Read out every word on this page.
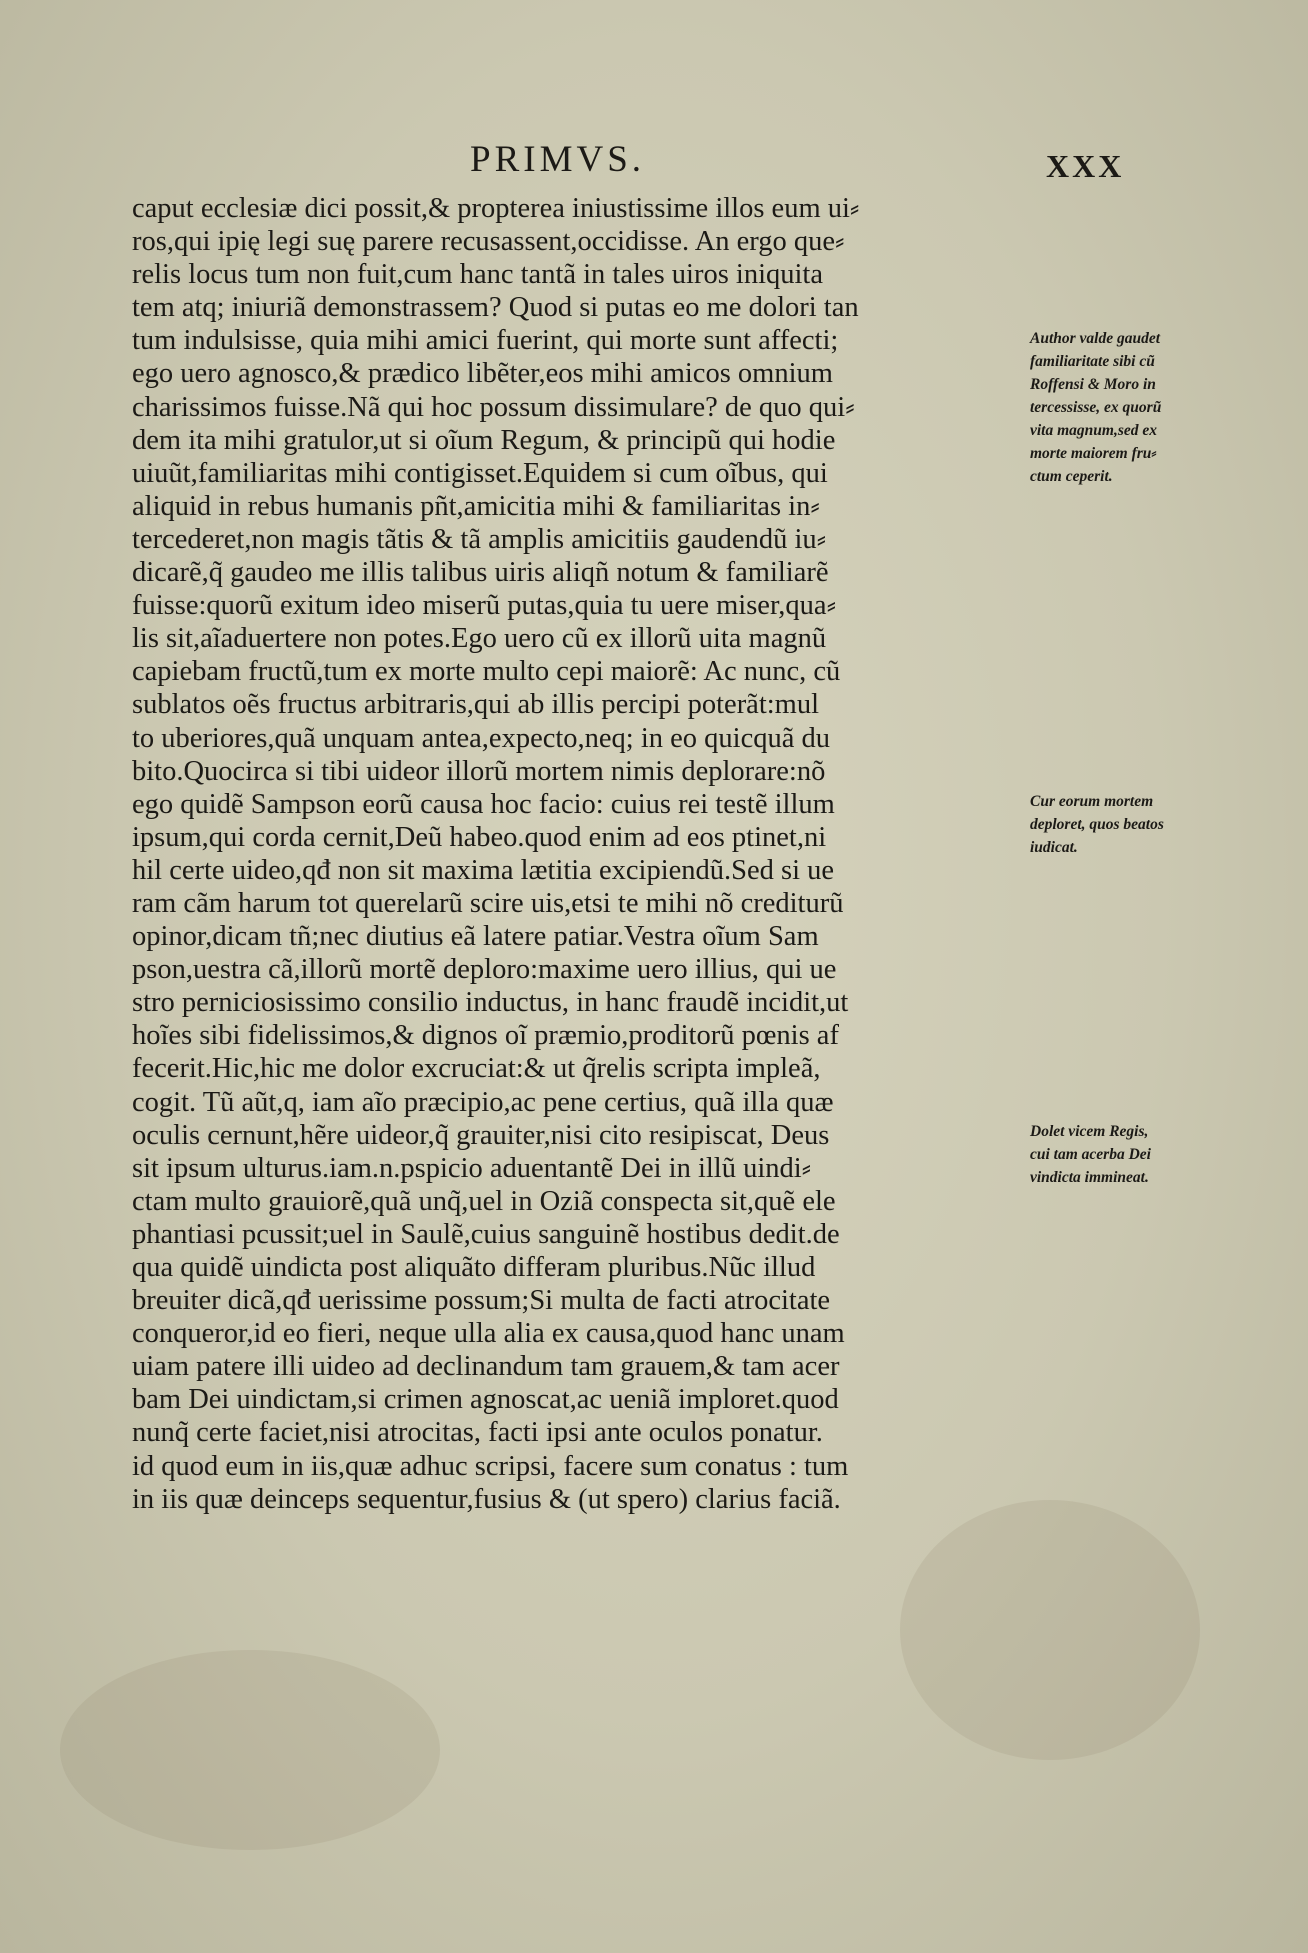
PRIMVS.	XXX
caput ecclesiæ dici possit,& propterea iniustissime illos eum ui⸗
ros,qui ipię legi suę parere recusassent,occidisse. An ergo que⸗
relis locus tum non fuit,cum hanc tantã in tales uiros iniquita
tem atq; iniuriã demonstrassem? Quod si putas eo me dolori tan
tum indulsisse, quia mihi amici fuerint, qui morte sunt affecti;
ego uero agnosco,& prædico libẽter,eos mihi amicos omnium
charissimos fuisse.Nã qui hoc possum dissimulare? de quo qui⸗
dem ita mihi gratulor,ut si oĩum Regum, & principũ qui hodie
uiuũt,familiaritas mihi contigisset.Equidem si cum oĩbus, qui
aliquid in rebus humanis pñt,amicitia mihi & familiaritas in⸗
tercederet,non magis tãtis & tã amplis amicitiis gaudendũ iu⸗
dicarẽ,q̃ gaudeo me illis talibus uiris aliqñ notum & familiarẽ
fuisse:quorũ exitum ideo miserũ putas,quia tu uere miser,qua⸗
lis sit,aĩaduertere non potes.Ego uero cũ ex illorũ uita magnũ
capiebam fructũ,tum ex morte multo cepi maiorẽ: Ac nunc, cũ
sublatos oẽs fructus arbitraris,qui ab illis percipi poterãt:mul
to uberiores,quã unquam antea,expecto,neq; in eo quicquã du
bito.Quocirca si tibi uideor illorũ mortem nimis deplorare:nõ
ego quidẽ Sampson eorũ causa hoc facio: cuius rei testẽ illum
ipsum,qui corda cernit,Deũ habeo.quod enim ad eos ptinet,ni
hil certe uideo,qđ non sit maxima lætitia excipiendũ.Sed si ue
ram cãm harum tot querelarũ scire uis,etsi te mihi nõ crediturũ
opinor,dicam tñ;nec diutius eã latere patiar.Vestra oĩum Sam
pson,uestra cã,illorũ mortẽ deploro:maxime uero illius, qui ue
stro perniciosissimo consilio inductus, in hanc fraudẽ incidit,ut
hoĩes sibi fidelissimos,& dignos oĩ præmio,proditorũ pœnis af
fecerit.Hic,hic me dolor excruciat:& ut q̃relis scripta impleã,
cogit. Tũ aũt,q, iam aĩo præcipio,ac pene certius, quã illa quæ
oculis cernunt,hẽre uideor,q̃ grauiter,nisi cito resipiscat, Deus
sit ipsum ulturus.iam.n.pspicio aduentantẽ Dei in illũ uindi⸗
ctam multo grauiorẽ,quã unq̃,uel in Oziã conspecta sit,quẽ ele
phantiasi pcussit;uel in Saulẽ,cuius sanguinẽ hostibus dedit.de
qua quidẽ uindicta post aliquãto differam pluribus.Nũc illud
breuiter dicã,qđ uerissime possum;Si multa de facti atrocitate
conqueror,id eo fieri, neque ulla alia ex causa,quod hanc unam
uiam patere illi uideo ad declinandum tam grauem,& tam acer
bam Dei uindictam,si crimen agnoscat,ac ueniã imploret.quod
nunq̃ certe faciet,nisi atrocitas, facti ipsi ante oculos ponatur.
id quod eum in iis,quæ adhuc scripsi, facere sum conatus : tum
in iis quæ deinceps sequentur,fusius & (ut spero) clarius faciã.
Author valde gaudet
familiaritate sibi cũ
Roffensi & Moro in
tercessisse, ex quorũ
vita magnum,sed ex
morte maiorem fru⸗
ctum ceperit.
Cur eorum mortem
deploret, quos beatos
iudicat.
Dolet vicem Regis,
cui tam acerba Dei
vindicta immineat.
